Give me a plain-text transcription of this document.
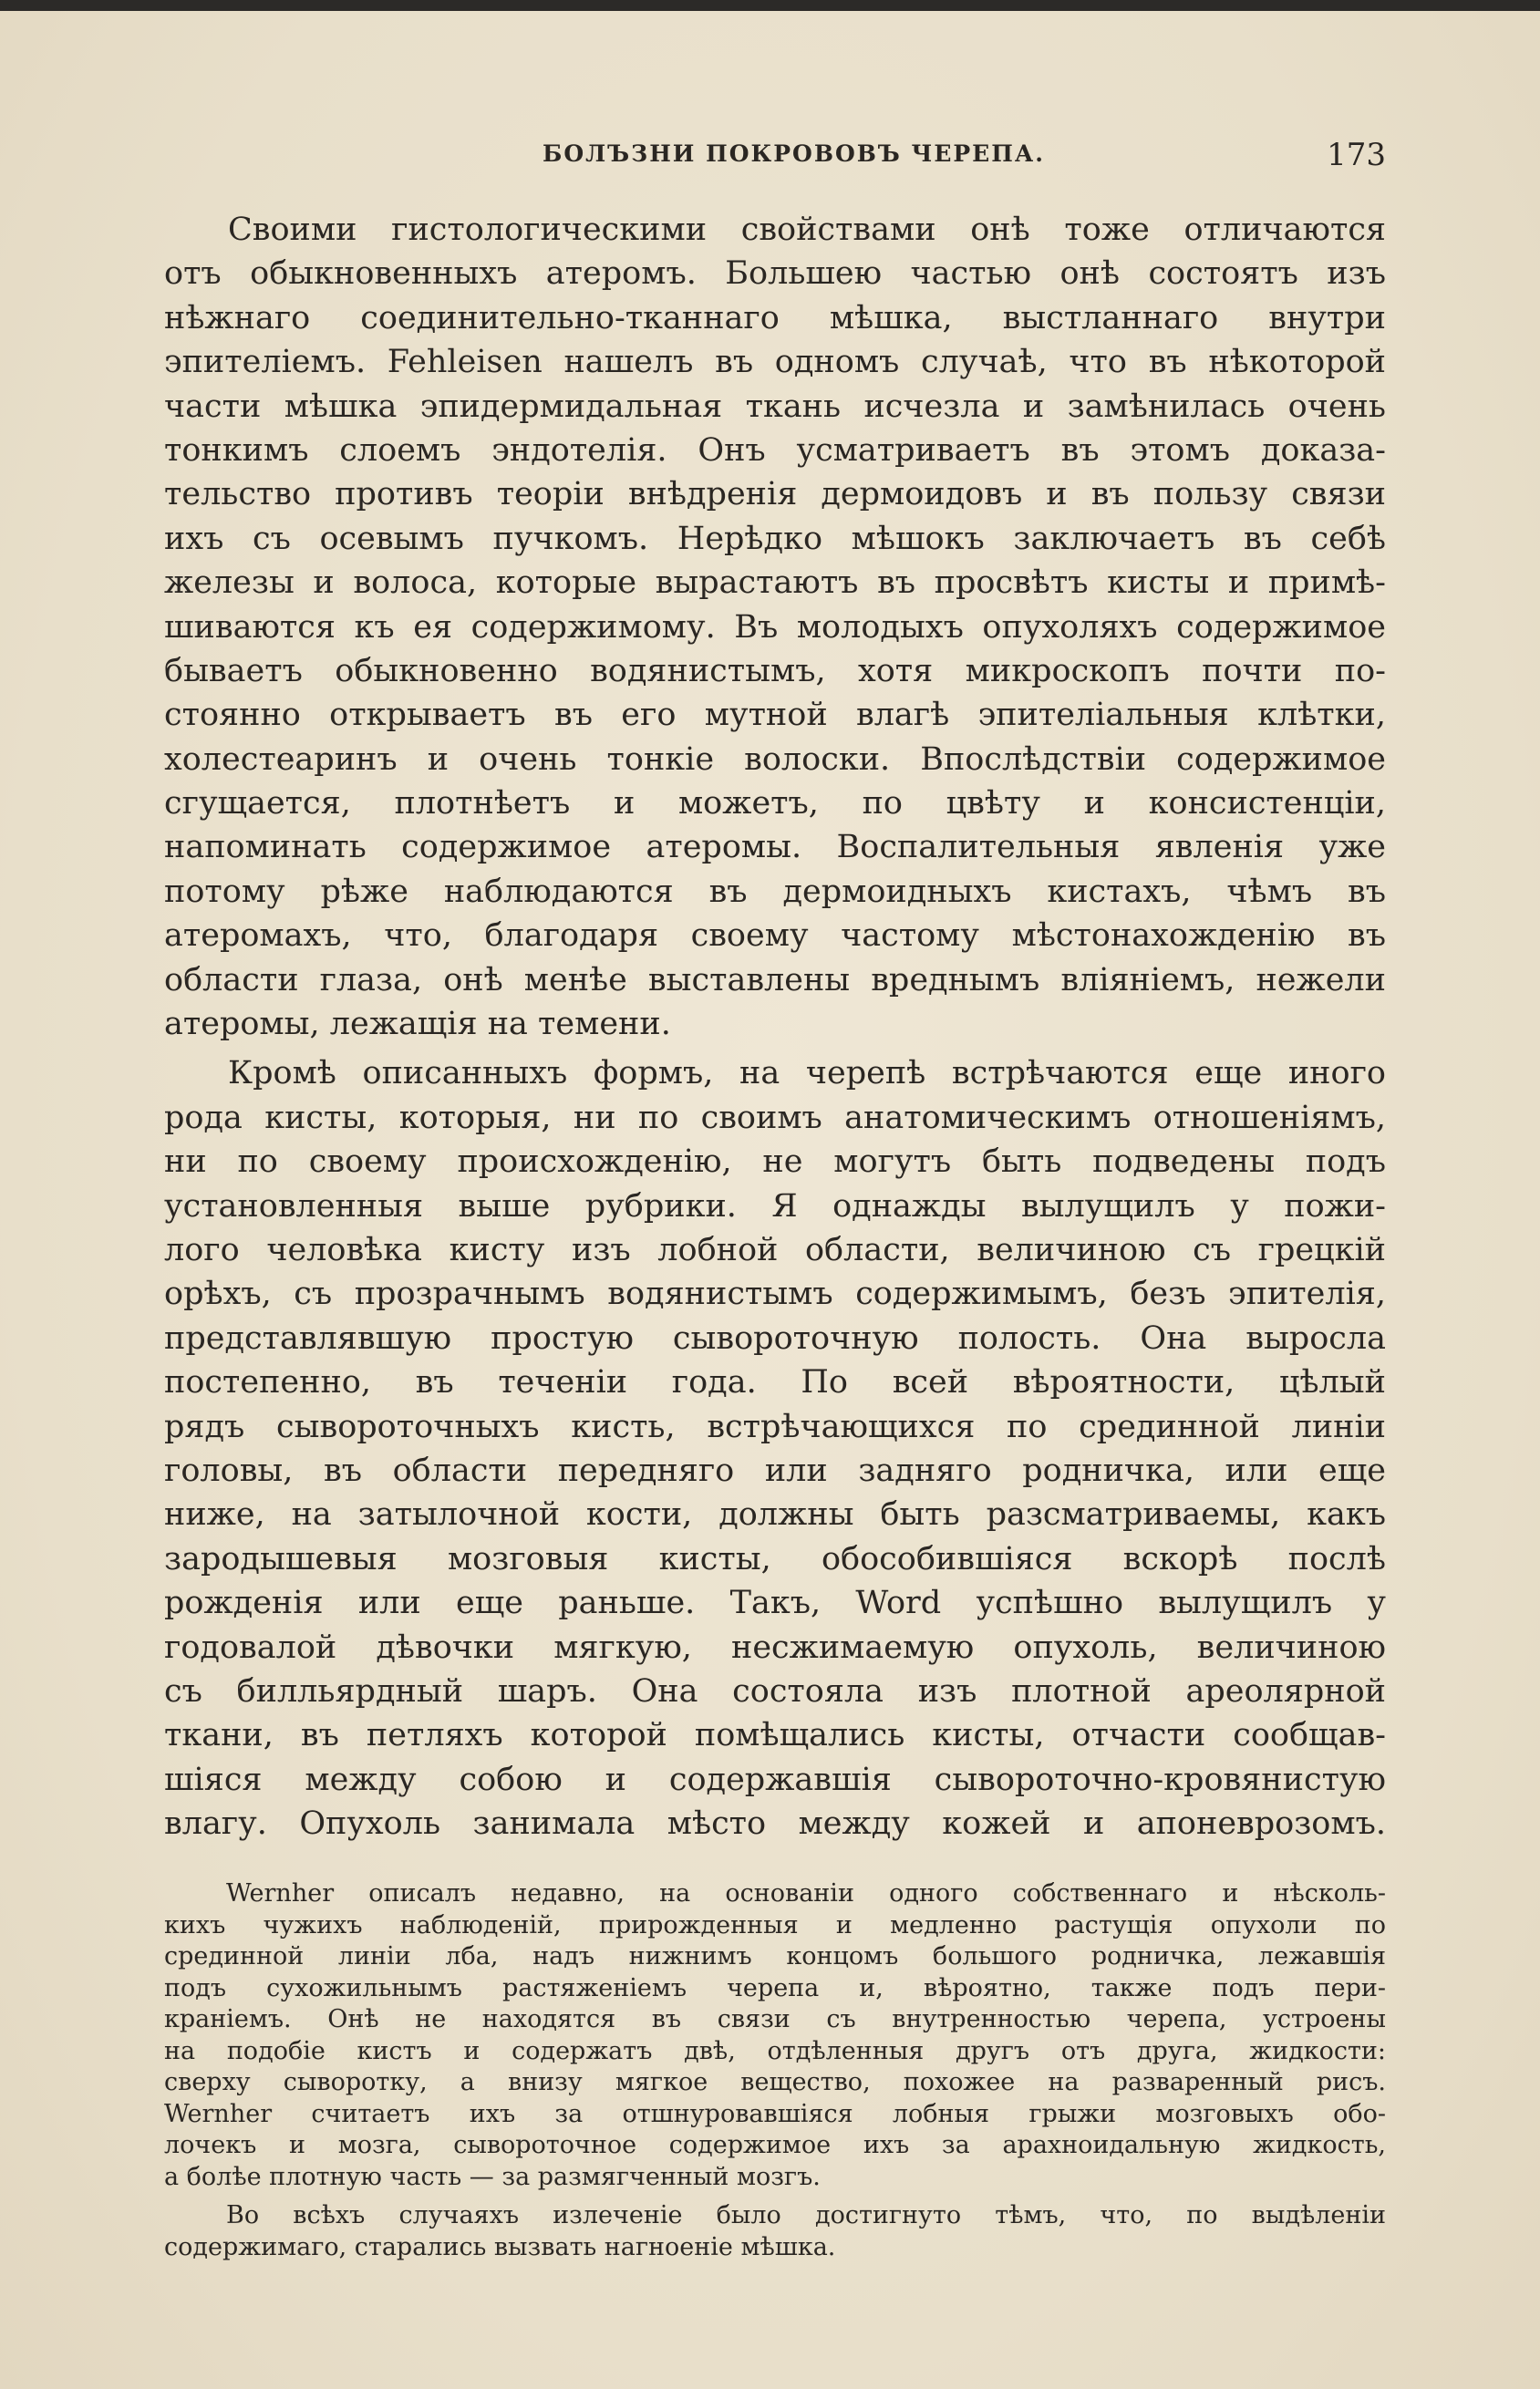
БОЛЪЗНИ ПОКРОВОВЪ ЧЕРЕПА.	173
Своими гистологическими свойствами онѣ тоже отличаются
отъ обыкновенныхъ атеромъ. Большею частью онѣ состоятъ изъ
нѣжнаго соединительно-тканнаго мѣшка, выстланнаго внутри
эпителiемъ. Fehleisen нашелъ въ одномъ случаѣ, что въ нѣкоторой
части мѣшка эпидермидальная ткань исчезла и замѣнилась очень
тонкимъ слоемъ эндотелiя. Онъ усматриваетъ въ этомъ доказа-
тельство противъ теорiи внѣдренiя дермоидовъ и въ пользу связи
ихъ съ осевымъ пучкомъ. Нерѣдко мѣшокъ заключаетъ въ себѣ
железы и волоса, которые вырастаютъ въ просвѣтъ кисты и примѣ-
шиваются къ ея содержимому. Въ молодыхъ опухоляхъ содержимое
бываетъ обыкновенно водянистымъ, хотя микроскопъ почти по-
стоянно открываетъ въ его мутной влагѣ эпителiальныя клѣтки,
холестеаринъ и очень тонкiе волоски. Впослѣдствiи содержимое
сгущается, плотнѣетъ и можетъ, по цвѣту и консистенцiи,
напоминать содержимое атеромы. Воспалительныя явленiя уже
потому рѣже наблюдаются въ дермоидныхъ кистахъ, чѣмъ въ
атеромахъ, что, благодаря своему частому мѣстонахожденiю въ
области глаза, онѣ менѣе выставлены вреднымъ влiянiемъ, нежели
атеромы, лежащiя на темени.
Кромѣ описанныхъ формъ, на черепѣ встрѣчаются еще иного
рода кисты, которыя, ни по своимъ анатомическимъ отношенiямъ,
ни по своему происхожденiю, не могутъ быть подведены подъ
установленныя выше рубрики. Я однажды вылущилъ у пожи-
лого человѣка кисту изъ лобной области, величиною съ грецкiй
орѣхъ, съ прозрачнымъ водянистымъ содержимымъ, безъ эпителiя,
представлявшую простую сывороточную полость. Она выросла
постепенно, въ теченiи года. По всей вѣроятности, цѣлый
рядъ сывороточныхъ кисть, встрѣчающихся по срединной линiи
головы, въ области передняго или задняго родничка, или еще
ниже, на затылочной кости, должны быть разсматриваемы, какъ
зародышевыя мозговыя кисты, обособившiяся вскорѣ послѣ
рожденiя или еще раньше. Такъ, Word успѣшно вылущилъ у
годовалой дѣвочки мягкую, несжимаемую опухоль, величиною
съ билльярдный шаръ. Она состояла изъ плотной ареолярной
ткани, въ петляхъ которой помѣщались кисты, отчасти сообщав-
шiяся между собою и содержавшiя сывороточно-кровянистую
влагу. Опухоль занимала мѣсто между кожей и апоневрозомъ.
Wernher описалъ недавно, на основанiи одного собственнаго и нѣсколь-
кихъ чужихъ наблюденiй, прирожденныя и медленно растущiя опухоли по
срединной линiи лба, надъ нижнимъ концомъ большого родничка, лежавшiя
подъ сухожильнымъ растяженiемъ черепа и, вѣроятно, также подъ пери-
кранiемъ. Онѣ не находятся въ связи съ внутренностью черепа, устроены
на подобiе кистъ и содержатъ двѣ, отдѣленныя другъ отъ друга, жидкости:
сверху сыворотку, а внизу мягкое вещество, похожее на разваренный рисъ.
Wernher считаетъ ихъ за отшнуровавшiяся лобныя грыжи мозговыхъ обо-
лочекъ и мозга, сывороточное содержимое ихъ за арахноидальную жидкость,
а болѣе плотную часть — за размягченный мозгъ.
Во всѣхъ случаяхъ излеченiе было достигнуто тѣмъ, что, по выдѣленiи
содержимаго, старались вызвать нагноенiе мѣшка.
